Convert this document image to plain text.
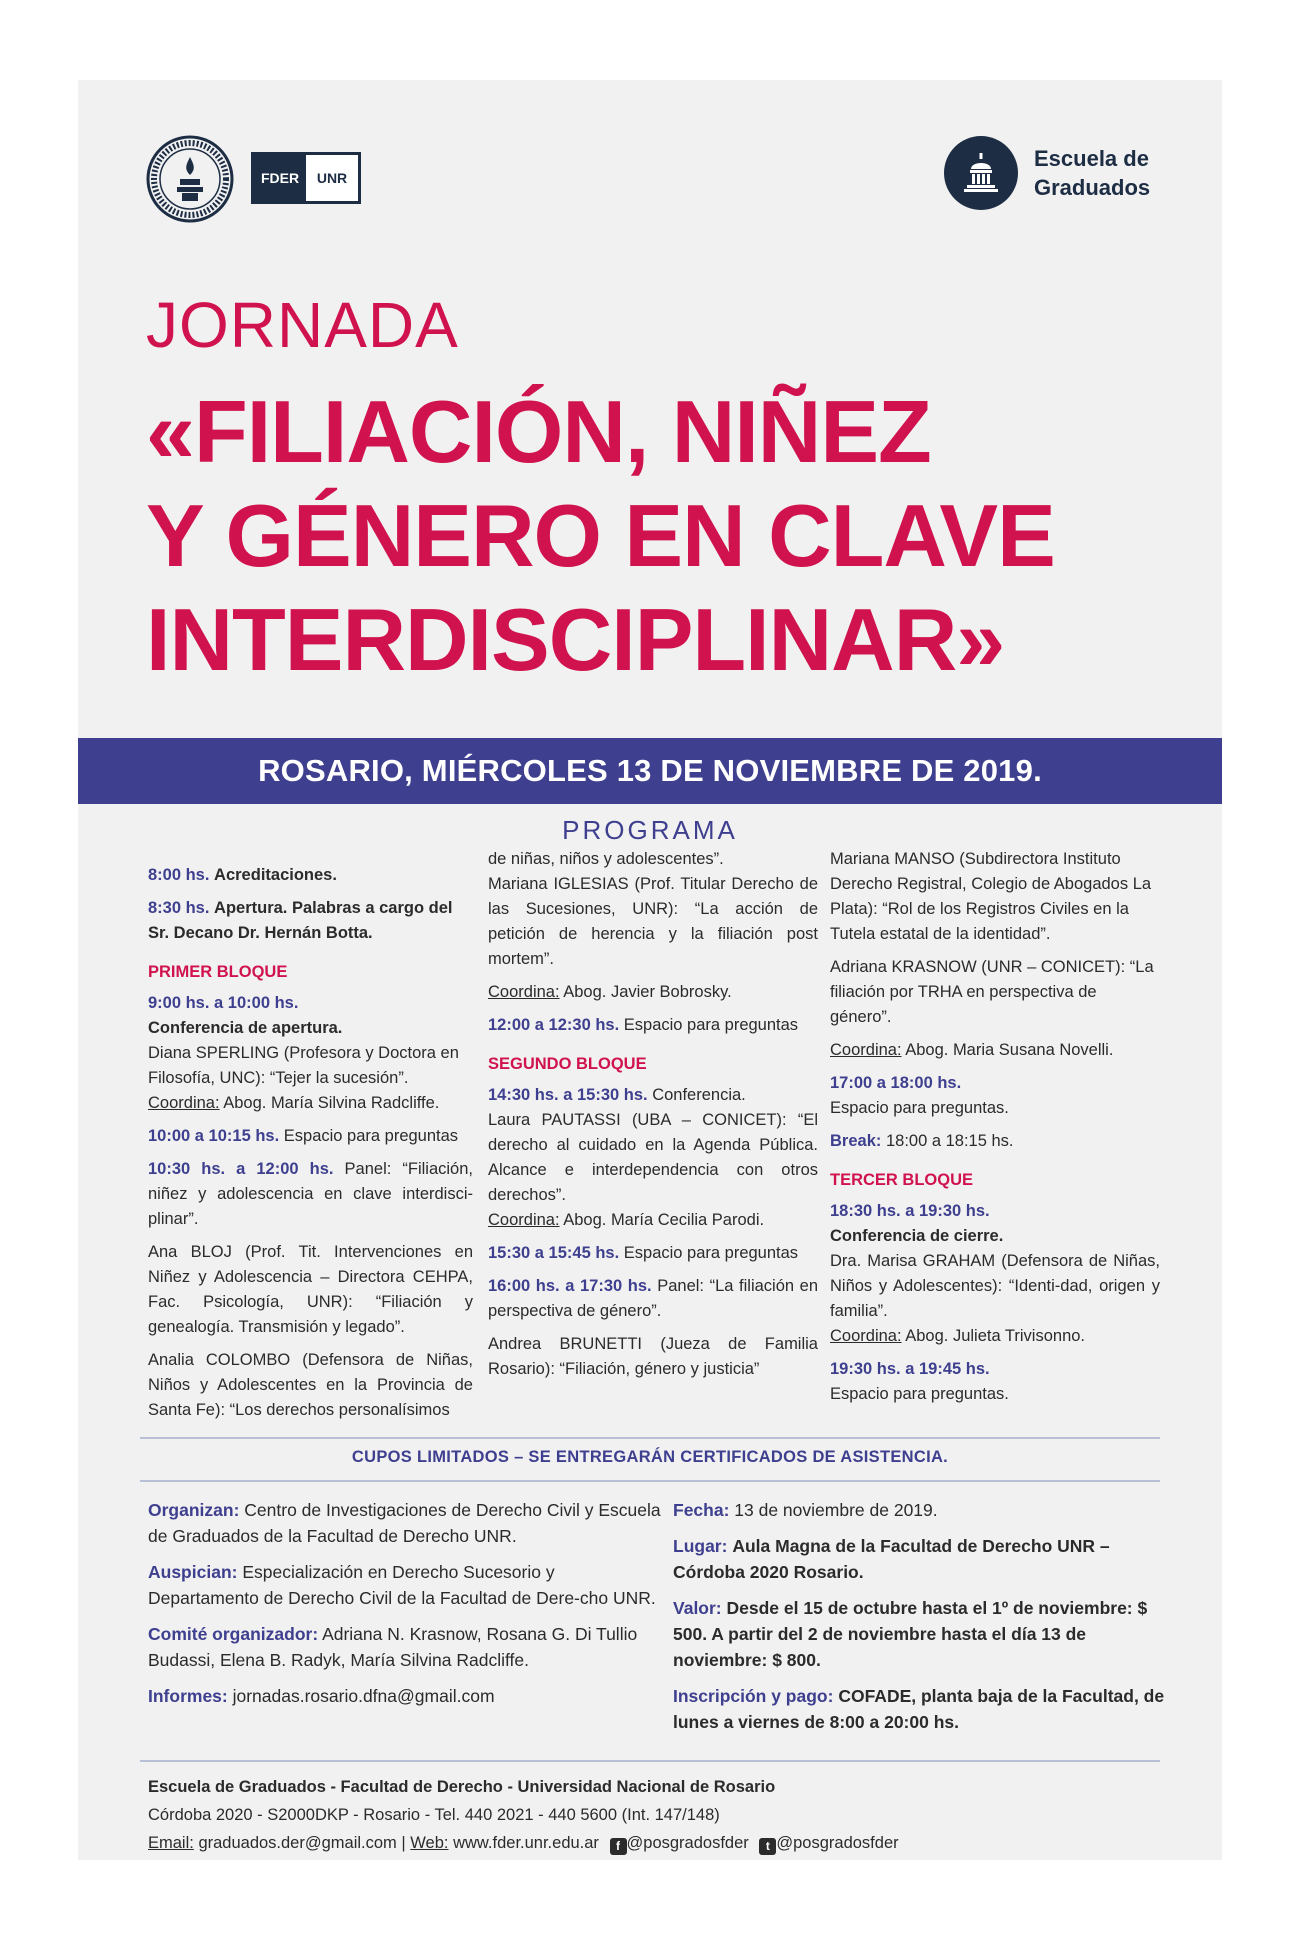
FDER	UNR
Escuela de
Graduados
JORNADA
«FILIACIÓN, NIÑEZ
Y GÉNERO EN CLAVE
INTERDISCIPLINAR»
ROSARIO, MIÉRCOLES 13 DE NOVIEMBRE DE 2019.
PROGRAMA

8:00 hs. Acreditaciones.

8:30 hs. Apertura. Palabras a cargo del Sr. Decano Dr. Hernán Botta.

PRIMER BLOQUE

9:00 hs. a 10:00 hs.

Conferencia de apertura.

Diana SPERLING (Profesora y Doctora en Filosofía, UNC): “Tejer la sucesión”.

Coordina: Abog. María Silvina Radcliffe.

10:00 a 10:15 hs. Espacio para preguntas

10:30 hs. a 12:00 hs. Panel: “Filiación, niñez y adolescencia en clave interdisci-plinar”.

Ana BLOJ (Prof. Tit. Intervenciones en Niñez y Adolescencia – Directora CEHPA, Fac. Psicología, UNR): “Filiación y genealogía. Transmisión y legado”.

Analia COLOMBO (Defensora de Niñas, Niños y Adolescentes en la Provincia de Santa Fe): “Los derechos personalísimos

de niñas, niños y adolescentes”.

Mariana IGLESIAS (Prof. Titular Derecho de las Sucesiones, UNR): “La acción de petición de herencia y la filiación post mortem”.

Coordina: Abog. Javier Bobrosky.

12:00 a 12:30 hs. Espacio para preguntas

SEGUNDO BLOQUE

14:30 hs. a 15:30 hs. Conferencia.

Laura PAUTASSI (UBA – CONICET): “El derecho al cuidado en la Agenda Pública. Alcance e interdependencia con otros derechos”.

Coordina: Abog. María Cecilia Parodi.

15:30 a 15:45 hs. Espacio para preguntas

16:00 hs. a 17:30 hs. Panel: “La filiación en perspectiva de género”.

Andrea BRUNETTI (Jueza de Familia Rosario): “Filiación, género y justicia”

Mariana MANSO (Subdirectora Instituto Derecho Registral, Colegio de Abogados La Plata): “Rol de los Registros Civiles en la Tutela estatal de la identidad”.

Adriana KRASNOW (UNR – CONICET): “La filiación por TRHA en perspectiva de género”.

Coordina: Abog. Maria Susana Novelli.

17:00 a 18:00 hs.

Espacio para preguntas.

Break: 18:00 a 18:15 hs.

TERCER BLOQUE

18:30 hs. a 19:30 hs.

Conferencia de cierre.

Dra. Marisa GRAHAM (Defensora de Niñas, Niños y Adolescentes): “Identi-dad, origen y familia”.

Coordina: Abog. Julieta Trivisonno.

19:30 hs. a 19:45 hs.

Espacio para preguntas.

CUPOS LIMITADOS – SE ENTREGARÁN CERTIFICADOS DE ASISTENCIA.

Organizan: Centro de Investigaciones de Derecho Civil y Escuela de Graduados de la Facultad de Derecho UNR.

Auspician: Especialización en Derecho Sucesorio y Departamento de Derecho Civil de la Facultad de Dere-cho UNR.

Comité organizador: Adriana N. Krasnow, Rosana G. Di Tullio Budassi, Elena B. Radyk, María Silvina Radcliffe.

Informes: jornadas.rosario.dfna@gmail.com

Fecha: 13 de noviembre de 2019.

Lugar: Aula Magna de la Facultad de Derecho UNR – Córdoba 2020 Rosario.

Valor: Desde el 15 de octubre hasta el 1º de noviembre: $ 500. A partir del 2 de noviembre hasta el día 13 de noviembre: $ 800.

Inscripción y pago: COFADE, planta baja de la Facultad, de lunes a viernes de 8:00 a 20:00 hs.

Escuela de Graduados - Facultad de Derecho - Universidad Nacional de Rosario
Córdoba 2020 - S2000DKP - Rosario - Tel. 440 2021 - 440 5600 (Int. 147/148)
Email: graduados.der@gmail.com | Web: www.fder.unr.edu.ar f @posgradosfder t @posgradosfder
